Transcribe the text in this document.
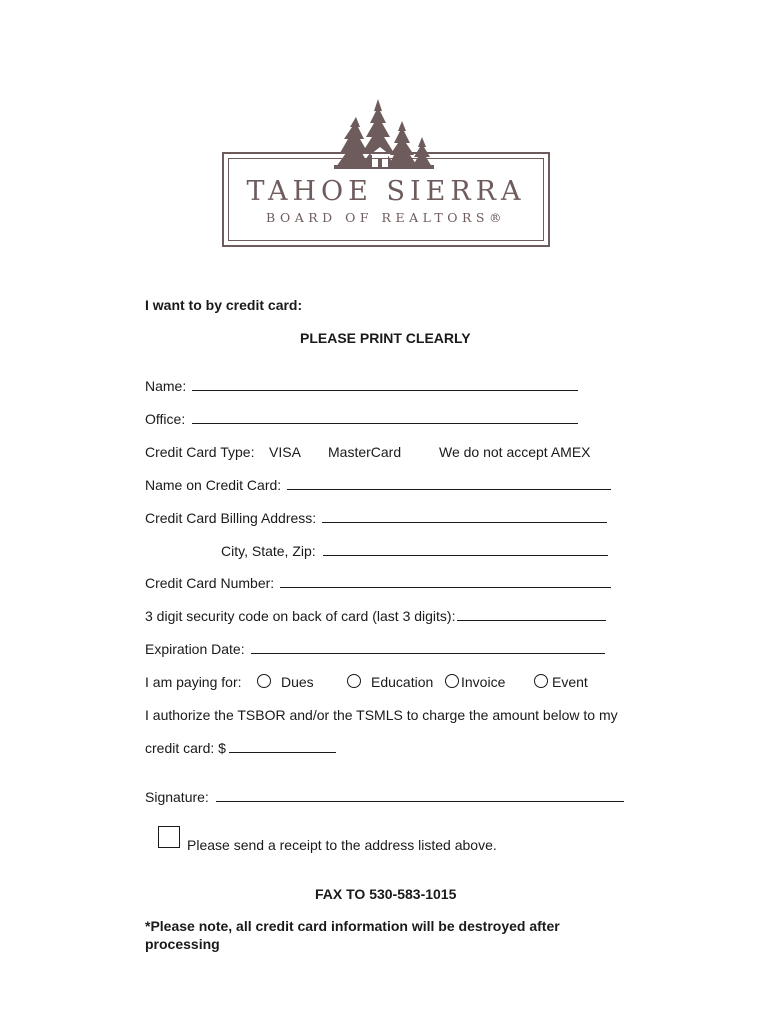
TAHOE SIERRA
BOARD OF REALTORS®
I want to by credit card:
PLEASE PRINT CLEARLY
Name:
Office:
Credit Card Type: VISA MasterCard	We do not accept AMEX
Name on Credit Card:
Credit Card Billing Address:
City, State, Zip:
Credit Card Number:
3 digit security code on back of card (last 3 digits):
Expiration Date:
I am paying for:	Dues	Education Invoice	Event
I authorize the TSBOR and/or the TSMLS to charge the amount below to my
credit card: $
Signature:
Please send a receipt to the address listed above.
FAX TO 530-583-1015
*Please note, all credit card information will be destroyed after processing
